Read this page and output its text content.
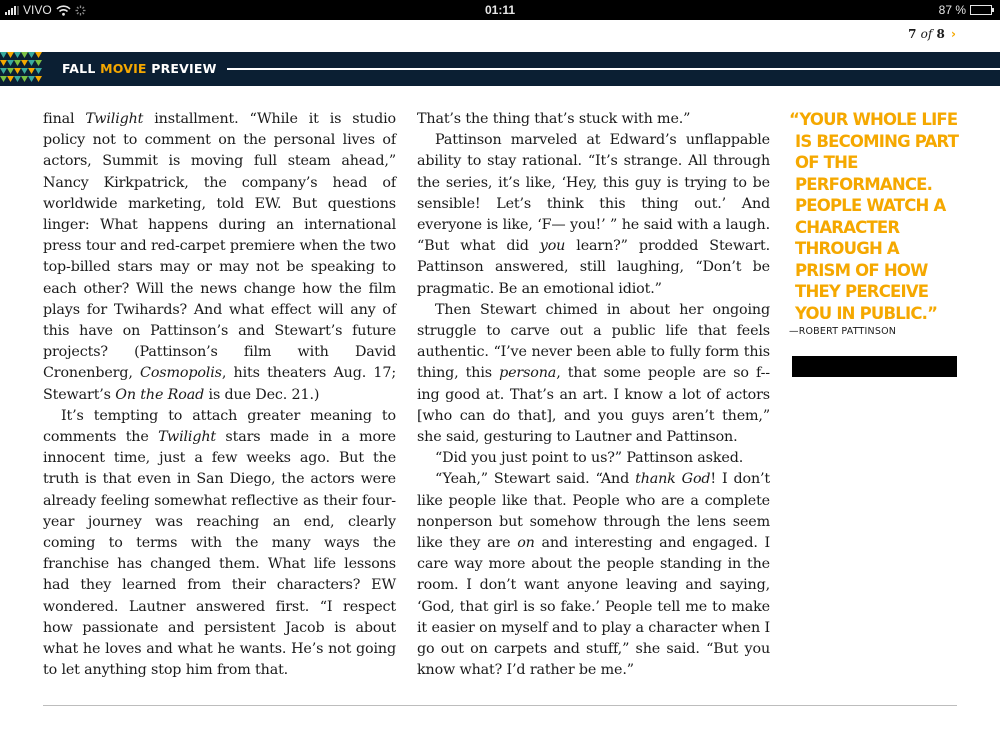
VIVO	01:11	87 %
7 of 8 ›
FALL MOVIE PREVIEW

final Twilight installment. “While it is studio policy not to comment on the personal lives of actors, Summit is moving full steam ahead,” Nancy Kirkpatrick, the company’s head of worldwide marketing, told EW. But questions linger: What happens during an international press tour and red-carpet premiere when the two top-billed stars may or may not be speaking to each other? Will the news change how the film plays for Twihards? And what effect will any of this have on Pattinson’s and Stewart’s future projects? (Pattinson’s film with David Cronenberg, Cosmopolis, hits theaters Aug. 17; Stewart’s On the Road is due Dec. 21.)

It’s tempting to attach greater meaning to comments the Twilight stars made in a more innocent time, just a few weeks ago. But the truth is that even in San Diego, the actors were already feeling somewhat reflective as their four-year journey was reaching an end, clearly coming to terms with the many ways the franchise has changed them. What life lessons had they learned from their characters? EW wondered. Lautner answered first. “I respect how passionate and persistent Jacob is about what he loves and what he wants. He’s not going to let anything stop him from that.

That’s the thing that’s stuck with me.”

Pattinson marveled at Edward’s unflappable ability to stay rational. “It’s strange. All through the series, it’s like, ‘Hey, this guy is trying to be sensible! Let’s think this thing out.’ And everyone is like, ‘F— you!’ ” he said with a laugh. “But what did you learn?” prodded Stewart. Pattinson answered, still laughing, “Don’t be pragmatic. Be an emotional idiot.”

Then Stewart chimed in about her ongoing struggle to carve out a public life that feels authentic. “I’ve never been able to fully form this thing, this persona, that some people are so f--ing good at. That’s an art. I know a lot of actors [who can do that], and you guys aren’t them,” she said, gesturing to Lautner and Pattinson.

“Did you just point to us?” Pattinson asked.

“Yeah,” Stewart said. “And thank God! I don’t like people like that. People who are a complete nonperson but somehow through the lens seem like they are on and interesting and engaged. I care way more about the people standing in the room. I don’t want anyone leaving and saying, ‘God, that girl is so fake.’ People tell me to make it easier on myself and to play a character when I go out on carpets and stuff,” she said. “But you know what? I’d rather be me.”

“YOUR WHOLE LIFE IS BECOMING PART OF THE PERFORMANCE. PEOPLE WATCH A CHARACTER THROUGH A PRISM OF HOW THEY PERCEIVE YOU IN PUBLIC.”
—ROBERT PATTINSON
